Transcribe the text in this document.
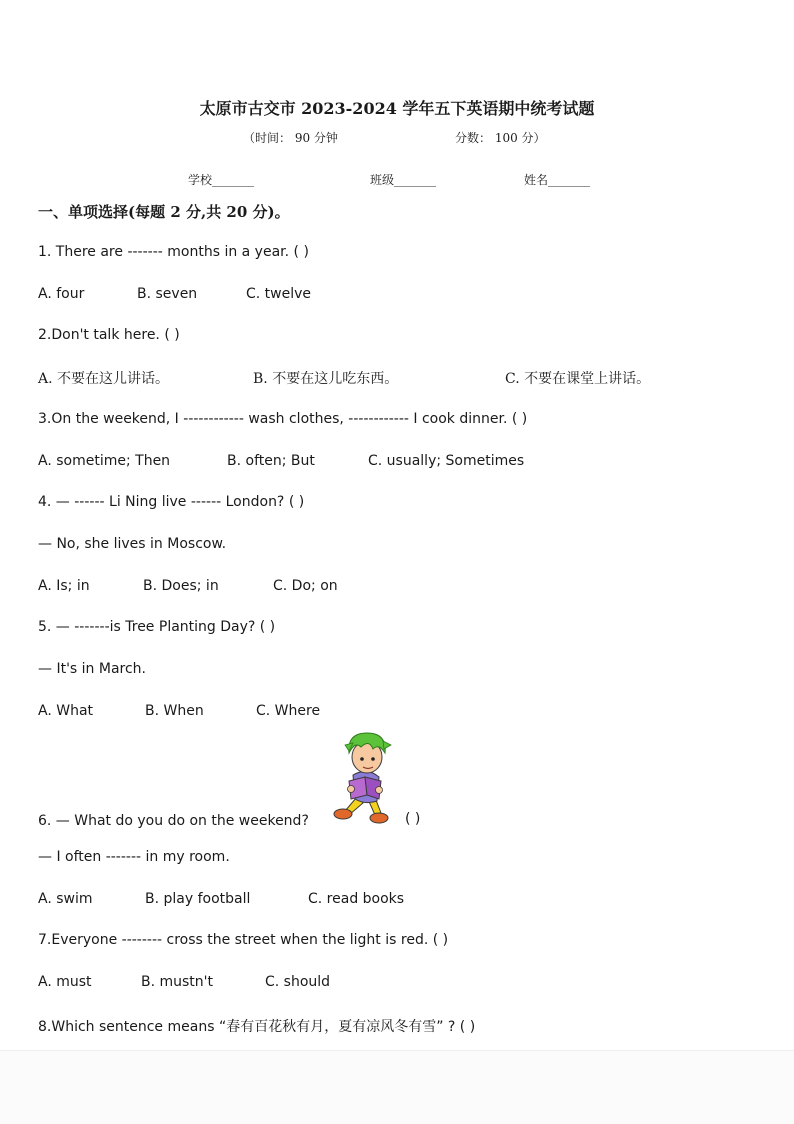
太原市古交市 2023-2024 学年五下英语期中统考试题
（时间： 90 分钟	分数： 100 分）
学校_______	班级_______	姓名_______
一、单项选择(每题 2 分,共 20 分)。
1. There are ------- months in a year. ( )
A. four	B. seven	C. twelve
2.Don't talk here. ( )
A. 不要在这儿讲话。	B. 不要在这儿吃东西。	C. 不要在课堂上讲话。
3.On the weekend, I ------------ wash clothes, ------------ I cook dinner. ( )
A. sometime; Then	B. often; But	C. usually; Sometimes
4. — ------ Li Ning live ------ London? ( )
— No, she lives in Moscow.
A. Is; in	B. Does; in	C. Do; on
5. — -------is Tree Planting Day? ( )
— It's in March.
A. What	B. When	C. Where
6. — What do you do on the weekend?	( )
— I often ------- in my room.
A. swim	B. play football	C. read books
7.Everyone -------- cross the street when the light is red. ( )
A. must	B. mustn't	C. should
8.Which sentence means “春有百花秋有月，夏有凉风冬有雪” ? ( )
